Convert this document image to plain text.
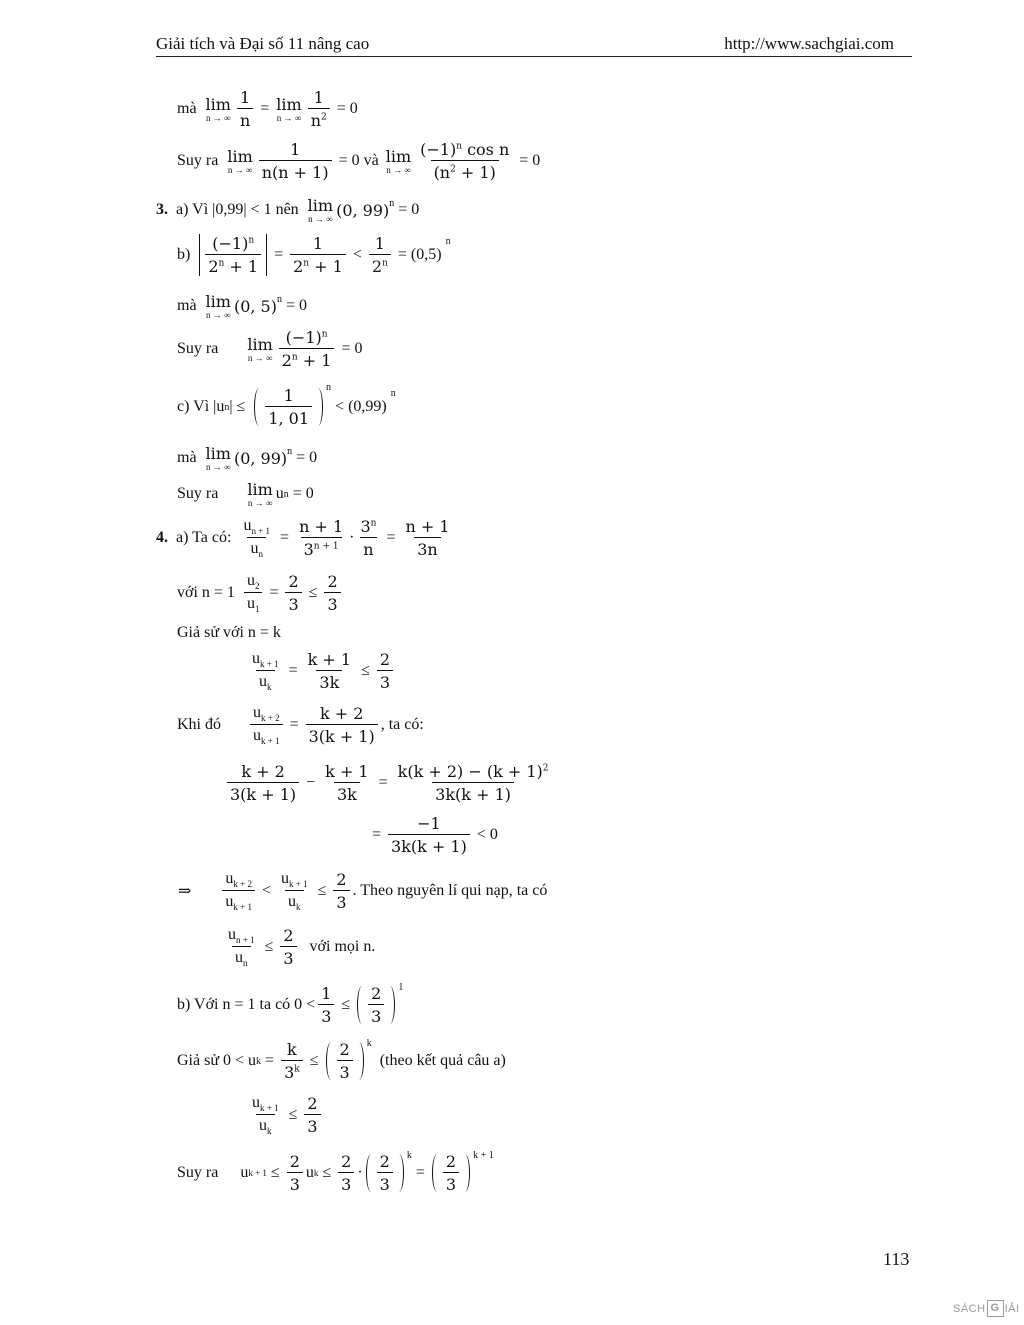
Giải tích và Đại số 11 nâng cao	http://www.sachgiai.com
mà lim
n → ∞ $\frac{1}{n} = \lim$
n → ∞ $\frac{1}{n^2} = 0$
Suy ra lim
n → ∞ $\frac{1}{n(n + 1)} = 0$ và lim
n → ∞ $\frac{(-1)^n \cos n}{(n^2 + 1)} = 0$
3. a) Vì |0,99| < 1 nên lim
n → ∞ (0, 99) n = 0
b)
$(-1)^n$
$2^n + 1$
= $\frac{1}{2^n + 1} < \frac{1}{2^n} = (0,5)$
n
mà lim
n → ∞ (0, 5) n = 0
Suy ra lim
n → ∞ $\frac{(-1)^n}{2^n + 1} = 0$
c) Vì |u n | ≤
1
1, 01
n
< (0,99)
n
mà lim
n → ∞ (0, 99) n = 0
Suy ra lim
n → ∞
u n = 0
4. a) Ta có: $\frac{u_{n + 1}}{u_n} = \frac{n + 1}{3^{n + 1}} \cdot \frac{3^n}{n} = \frac{n + 1}{3n}$
với $n = 1 \frac{u_2}{u_1} = \frac{2}{3} \le \frac{2}{3}$
Giả sử với n = k
$\frac{u_{k + 1}}{u_k} = \frac{k + 1}{3k} \le \frac{2}{3}$
Khi đó $\frac{u_{k + 2}}{u_{k + 1}} = \frac{k + 2}{3(k + 1)}$ , ta có:
k + 2
3(k + 1)
− $\frac{k + 1}{3k} = \frac{k(k + 2) - (k + 1)^2}{3k(k + 1)}$
= $\frac{-1}{3k(k + 1)} < 0$
⇒
$u_{k + 2}$
$u_{k + 1}$
< $\frac{u_{k + 1}}{u_k} \le \frac{2}{3}$ . Theo nguyên lí qui nạp, ta có
$\frac{u_{n + 1}}{u_n} \le \frac{2}{3}$ với mọi n.
b) Với n = 1 ta có $0 < \frac{1}{3}$ ≤
2
3
1
Giả sử 0 < u $k = \frac{k}{3^k}$ ≤
2
3
k
(theo kết quả câu a)
$\frac{u_{k + 1}}{u_k} \le \frac{2}{3}$
Suy ra u $k + 1 \le \frac{2}{3}$ u $k \le \frac{2}{3}$ ·
2
3
k
=
2
3
k + 1
113
SÁCH G IẢI
